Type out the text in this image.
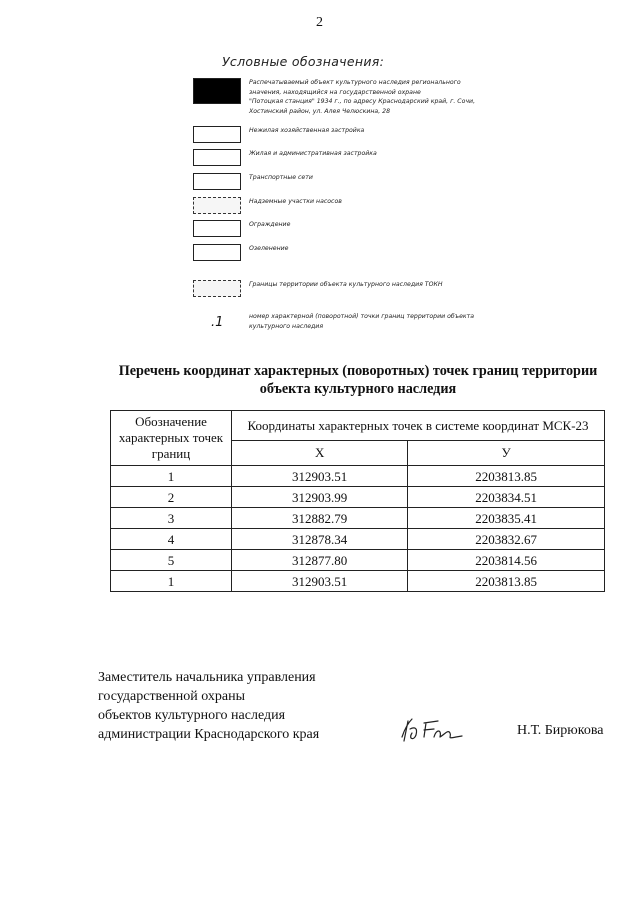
2
Условные обозначения:
Распечатываемый объект культурного наследия регионального
значения, находящийся на государственной охране
"Потоцкая станция" 1934 г., по адресу Краснодарский край, г. Сочи,
Хостинский район, ул. Алея Челюскина, 28
Нежилая хозяйственная застройка
Жилая и административная застройка
Транспортные сети
Надземные участки насосов
Ограждение
Озеленение
Границы территории объекта культурного наследия ТОКН
.1	номер характерной (поворотной) точки границ территории объекта
культурного наследия
Перечень координат характерных (поворотных) точек границ территории объекта культурного наследия
Обозначение характерных точек границ	Координаты характерных точек в системе координат МСК-23	
	X	У
1	312903.51	2203813.85
2	312903.99	2203834.51
3	312882.79	2203835.41
4	312878.34	2203832.67
5	312877.80	2203814.56
1	312903.51	2203813.85
Заместитель начальника управления
государственной охраны
объектов культурного наследия
администрации Краснодарского края	Н.Т. Бирюкова
